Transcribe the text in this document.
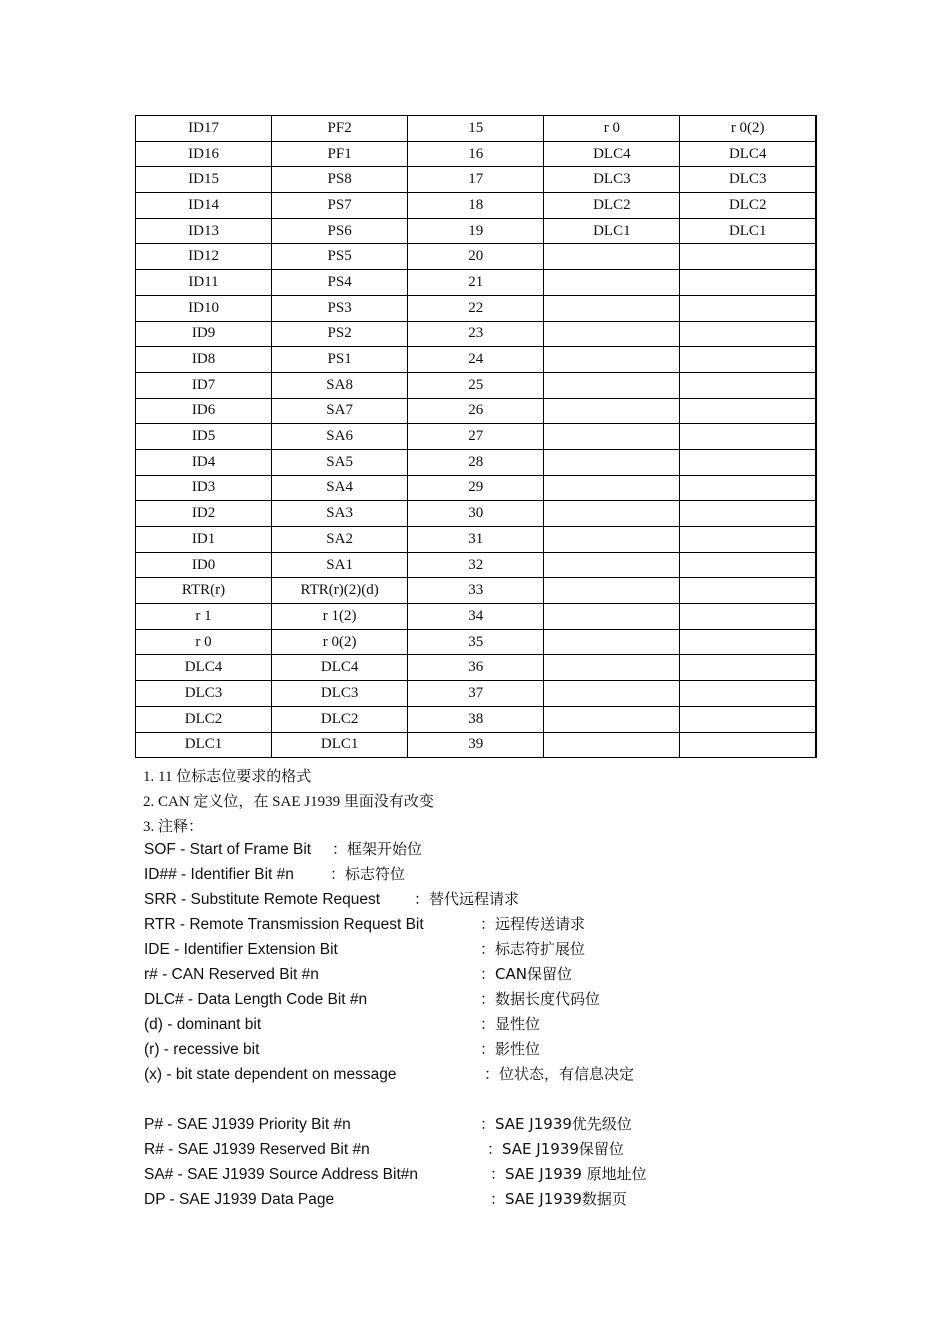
ID17	PF2	15	r 0	r 0(2)
ID16	PF1	16	DLC4	DLC4
ID15	PS8	17	DLC3	DLC3
ID14	PS7	18	DLC2	DLC2
ID13	PS6	19	DLC1	DLC1
ID12	PS5	20		
ID11	PS4	21		
ID10	PS3	22		
ID9	PS2	23		
ID8	PS1	24		
ID7	SA8	25		
ID6	SA7	26		
ID5	SA6	27		
ID4	SA5	28		
ID3	SA4	29		
ID2	SA3	30		
ID1	SA2	31		
ID0	SA1	32		
RTR(r)	RTR(r)(2)(d)	33		
r 1	r 1(2)	34		
r 0	r 0(2)	35		
DLC4	DLC4	36		
DLC3	DLC3	37		
DLC2	DLC2	38		
DLC1	DLC1	39		
1. 11 位标志位要求的格式
2. CAN 定义位，在 SAE J1939 里面没有改变
3. 注释：
SOF - Start of Frame Bit ：框架开始位
ID## - Identifier Bit #n ：标志符位
SRR - Substitute Remote Request ：替代远程请求
RTR - Remote Transmission Request Bit	：远程传送请求
IDE - Identifier Extension Bit	：标志符扩展位
r# - CAN Reserved Bit #n	：CAN保留位
DLC# - Data Length Code Bit #n	：数据长度代码位
(d) - dominant bit	：显性位
(r) - recessive bit	：影性位
(x) - bit state dependent on message	：位状态，有信息决定
P# - SAE J1939 Priority Bit #n	：SAE J1939优先级位
R# - SAE J1939 Reserved Bit #n	：SAE J1939保留位
SA# - SAE J1939 Source Address Bit#n	：SAE J1939 原地址位
DP - SAE J1939 Data Page	：SAE J1939数据页
